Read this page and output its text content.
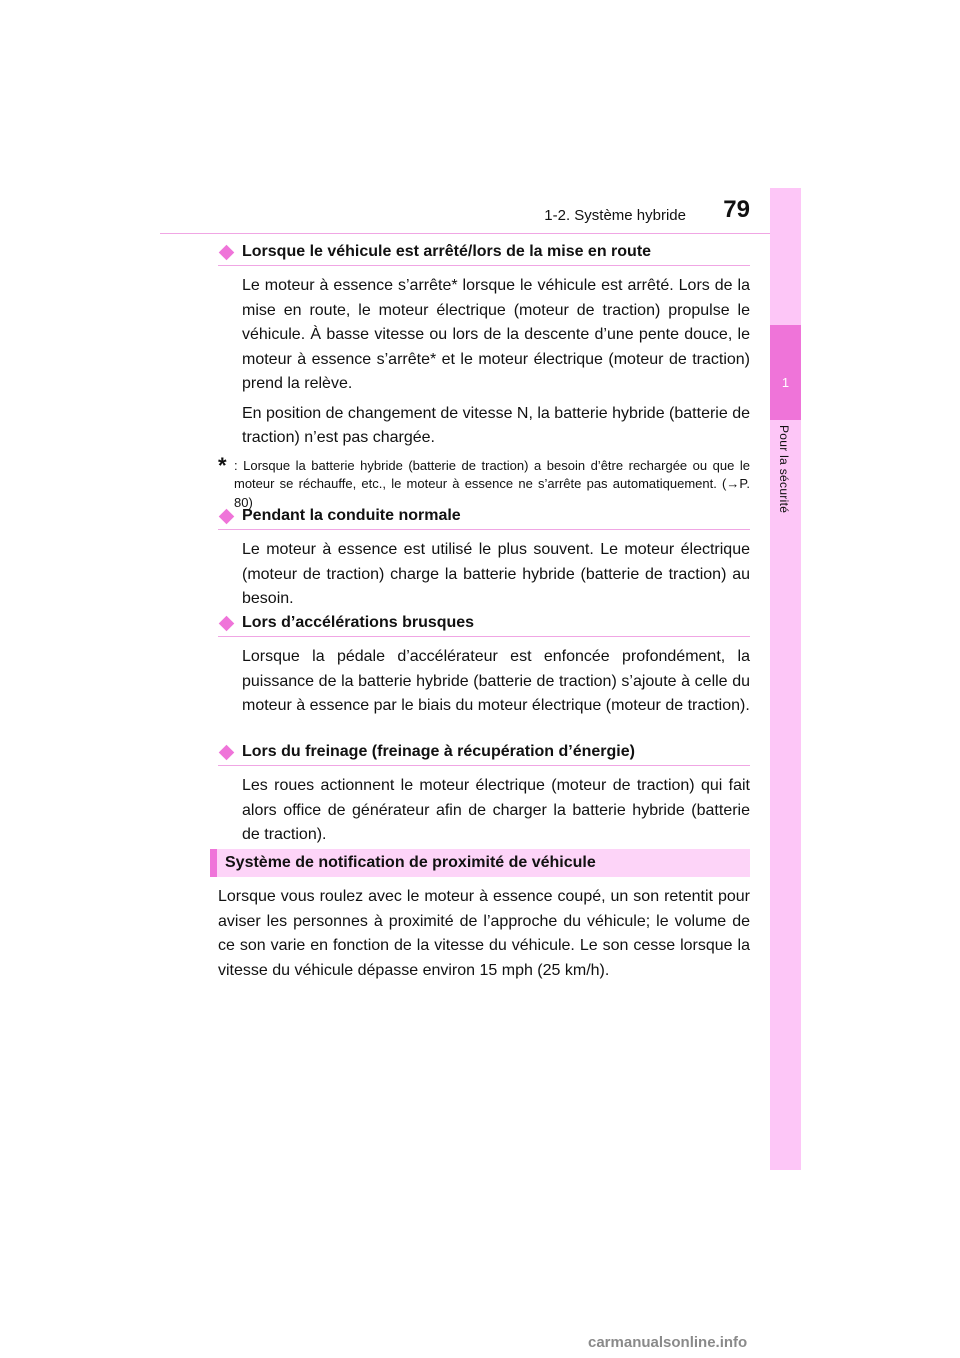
1-2. Système hybride	79
1
Pour la sécurité
Lorsque le véhicule est arrêté/lors de la mise en route

Le moteur à essence s’arrête* lorsque le véhicule est arrêté. Lors de la mise en route, le moteur électrique (moteur de traction) propulse le véhicule. À basse vitesse ou lors de la descente d’une pente douce, le moteur à essence s’arrête* et le moteur électrique (moteur de traction) prend la relève.

En position de changement de vitesse N, la batterie hybride (batterie de traction) n’est pas chargée.

* : Lorsque la batterie hybride (batterie de traction) a besoin d’être rechargée ou que le moteur se réchauffe, etc., le moteur à essence ne s’arrête pas automatiquement. (→P. 80)
Pendant la conduite normale

Le moteur à essence est utilisé le plus souvent. Le moteur électrique (moteur de traction) charge la batterie hybride (batterie de traction) au besoin.

Lors d’accélérations brusques

Lorsque la pédale d’accélérateur est enfoncée profondément, la puissance de la batterie hybride (batterie de traction) s’ajoute à celle du moteur à essence par le biais du moteur électrique (moteur de traction).

Lors du freinage (freinage à récupération d’énergie)

Les roues actionnent le moteur électrique (moteur de traction) qui fait alors office de générateur afin de charger la batterie hybride (batterie de traction).

Système de notification de proximité de véhicule

Lorsque vous roulez avec le moteur à essence coupé, un son retentit pour aviser les personnes à proximité de l’approche du véhicule; le volume de ce son varie en fonction de la vitesse du véhicule. Le son cesse lorsque la vitesse du véhicule dépasse environ 15 mph (25 km/h).

carmanualsonline.info
